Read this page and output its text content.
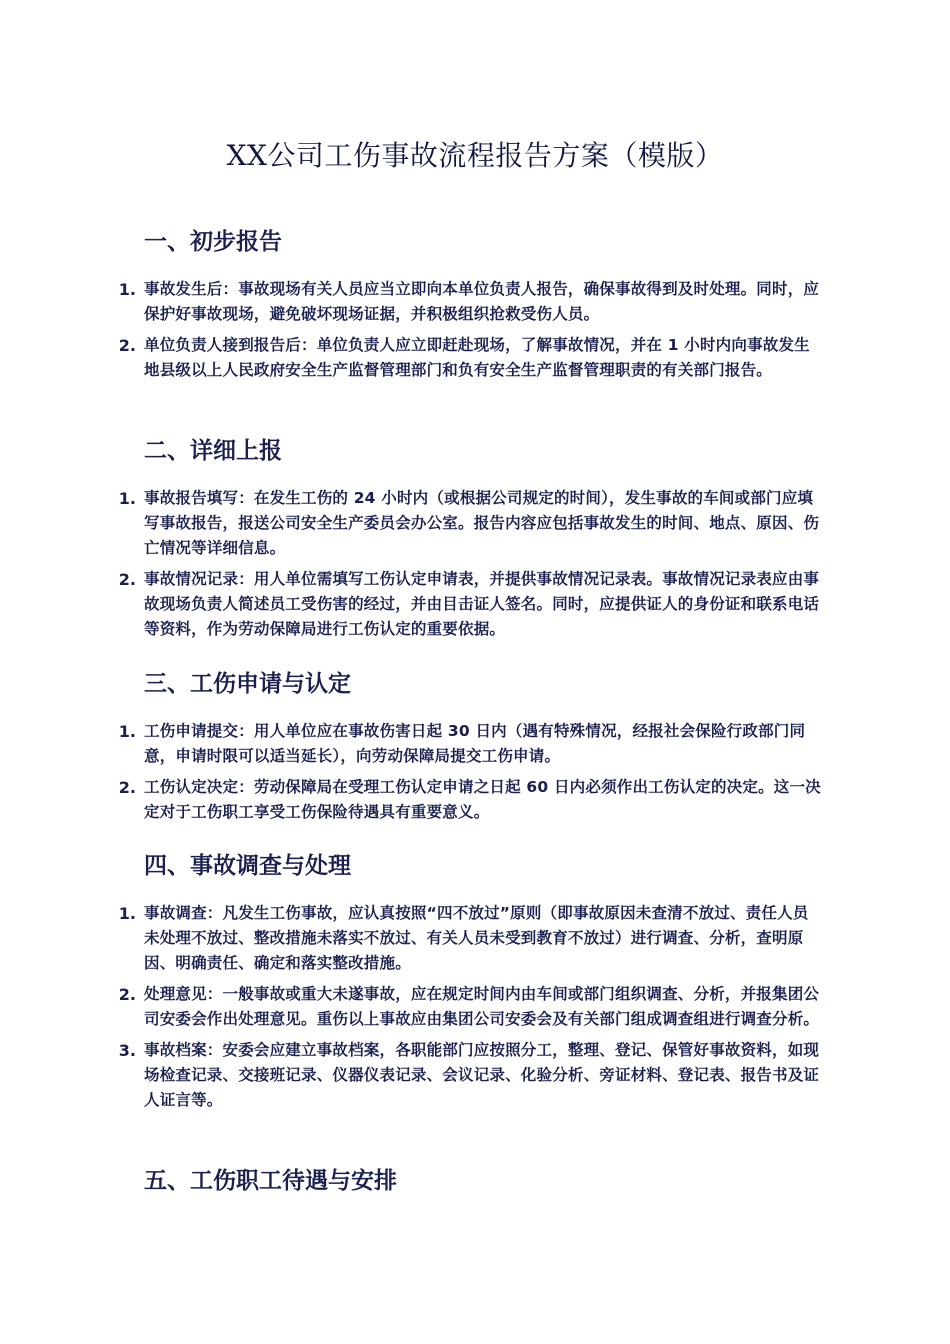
XX公司工伤事故流程报告方案（模版）
一、初步报告
1. 事故发生后：事故现场有关人员应当立即向本单位负责人报告，确保事故得到及时处理。同时，应保护好事故现场，避免破坏现场证据，并积极组织抢救受伤人员。
2. 单位负责人接到报告后：单位负责人应立即赶赴现场，了解事故情况，并在 1 小时内向事故发生地县级以上人民政府安全生产监督管理部门和负有安全生产监督管理职责的有关部门报告。
二、详细上报
1. 事故报告填写：在发生工伤的 24 小时内（或根据公司规定的时间），发生事故的车间或部门应填写事故报告，报送公司安全生产委员会办公室。报告内容应包括事故发生的时间、地点、原因、伤亡情况等详细信息。
2. 事故情况记录：用人单位需填写工伤认定申请表，并提供事故情况记录表。事故情况记录表应由事故现场负责人简述员工受伤害的经过，并由目击证人签名。同时，应提供证人的身份证和联系电话等资料，作为劳动保障局进行工伤认定的重要依据。
三、工伤申请与认定
1. 工伤申请提交：用人单位应在事故伤害日起 30 日内（遇有特殊情况，经报社会保险行政部门同意，申请时限可以适当延长），向劳动保障局提交工伤申请。
2. 工伤认定决定：劳动保障局在受理工伤认定申请之日起 60 日内必须作出工伤认定的决定。这一决定对于工伤职工享受工伤保险待遇具有重要意义。
四、事故调查与处理
1. 事故调查：凡发生工伤事故，应认真按照“四不放过”原则（即事故原因未查清不放过、责任人员未处理不放过、整改措施未落实不放过、有关人员未受到教育不放过）进行调查、分析，查明原因、明确责任、确定和落实整改措施。
2. 处理意见：一般事故或重大未遂事故，应在规定时间内由车间或部门组织调查、分析，并报集团公司安委会作出处理意见。重伤以上事故应由集团公司安委会及有关部门组成调查组进行调查分析。
3. 事故档案：安委会应建立事故档案，各职能部门应按照分工，整理、登记、保管好事故资料，如现场检查记录、交接班记录、仪器仪表记录、会议记录、化验分析、旁证材料、登记表、报告书及证人证言等。
五、工伤职工待遇与安排
